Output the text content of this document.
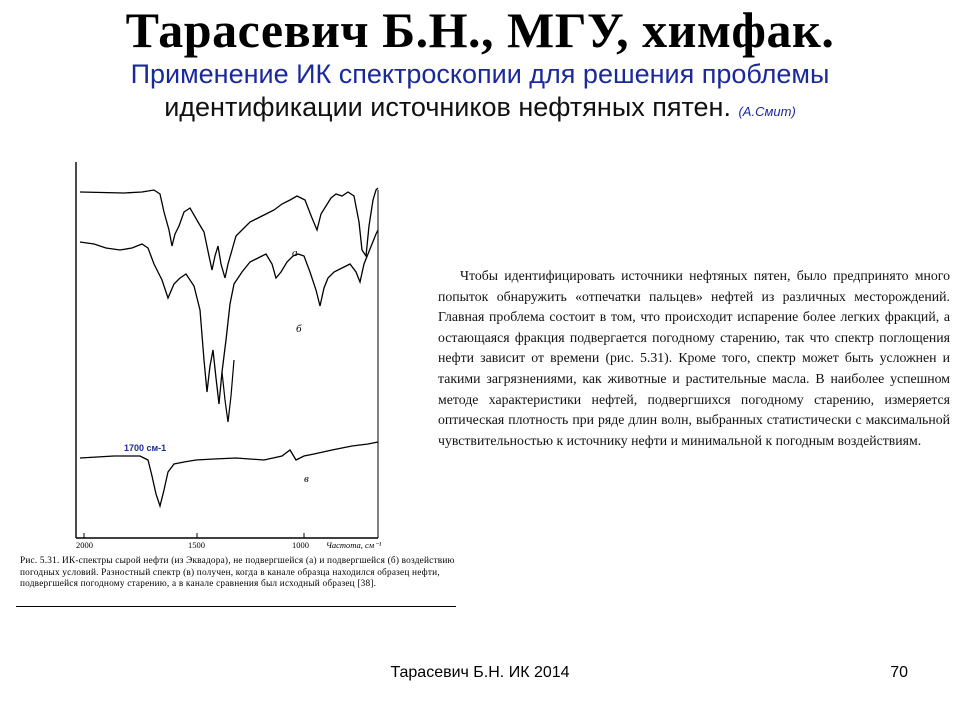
Тарасевич Б.Н., МГУ, химфак.
Применение ИК спектроскопии для решения проблемы
идентификации источников нефтяных пятен. (А.Смит)
а
б
в
1700 см-1
2000	1500	1000 Частота, см⁻¹
Рис. 5.31. ИК-спектры сырой нефти (из Эквадора), не подвергшейся (а) и подвергшейся (б) воздействию погодных условий. Разностный спектр (в) получен, когда в канале образца находился образец нефти, подвергшейся погодному старению, а в канале сравнения был исходный образец [38].
Чтобы идентифицировать источники нефтяных пятен, было предпринято много попыток обнаружить «отпечатки пальцев» нефтей из различных месторождений. Главная проблема состоит в том, что происходит испарение более легких фракций, а остающаяся фракция подвергается погодному старению, так что спектр поглощения нефти зависит от времени (рис. 5.31). Кроме того, спектр может быть усложнен и такими загрязнениями, как животные и растительные масла. В наиболее успешном методе характеристики нефтей, подвергшихся погодному старению, измеряется оптическая плотность при ряде длин волн, выбранных статистически с максимальной чувствительностью к источнику нефти и минимальной к погодным воздействиям.
Тарасевич Б.Н. ИК 2014	70
